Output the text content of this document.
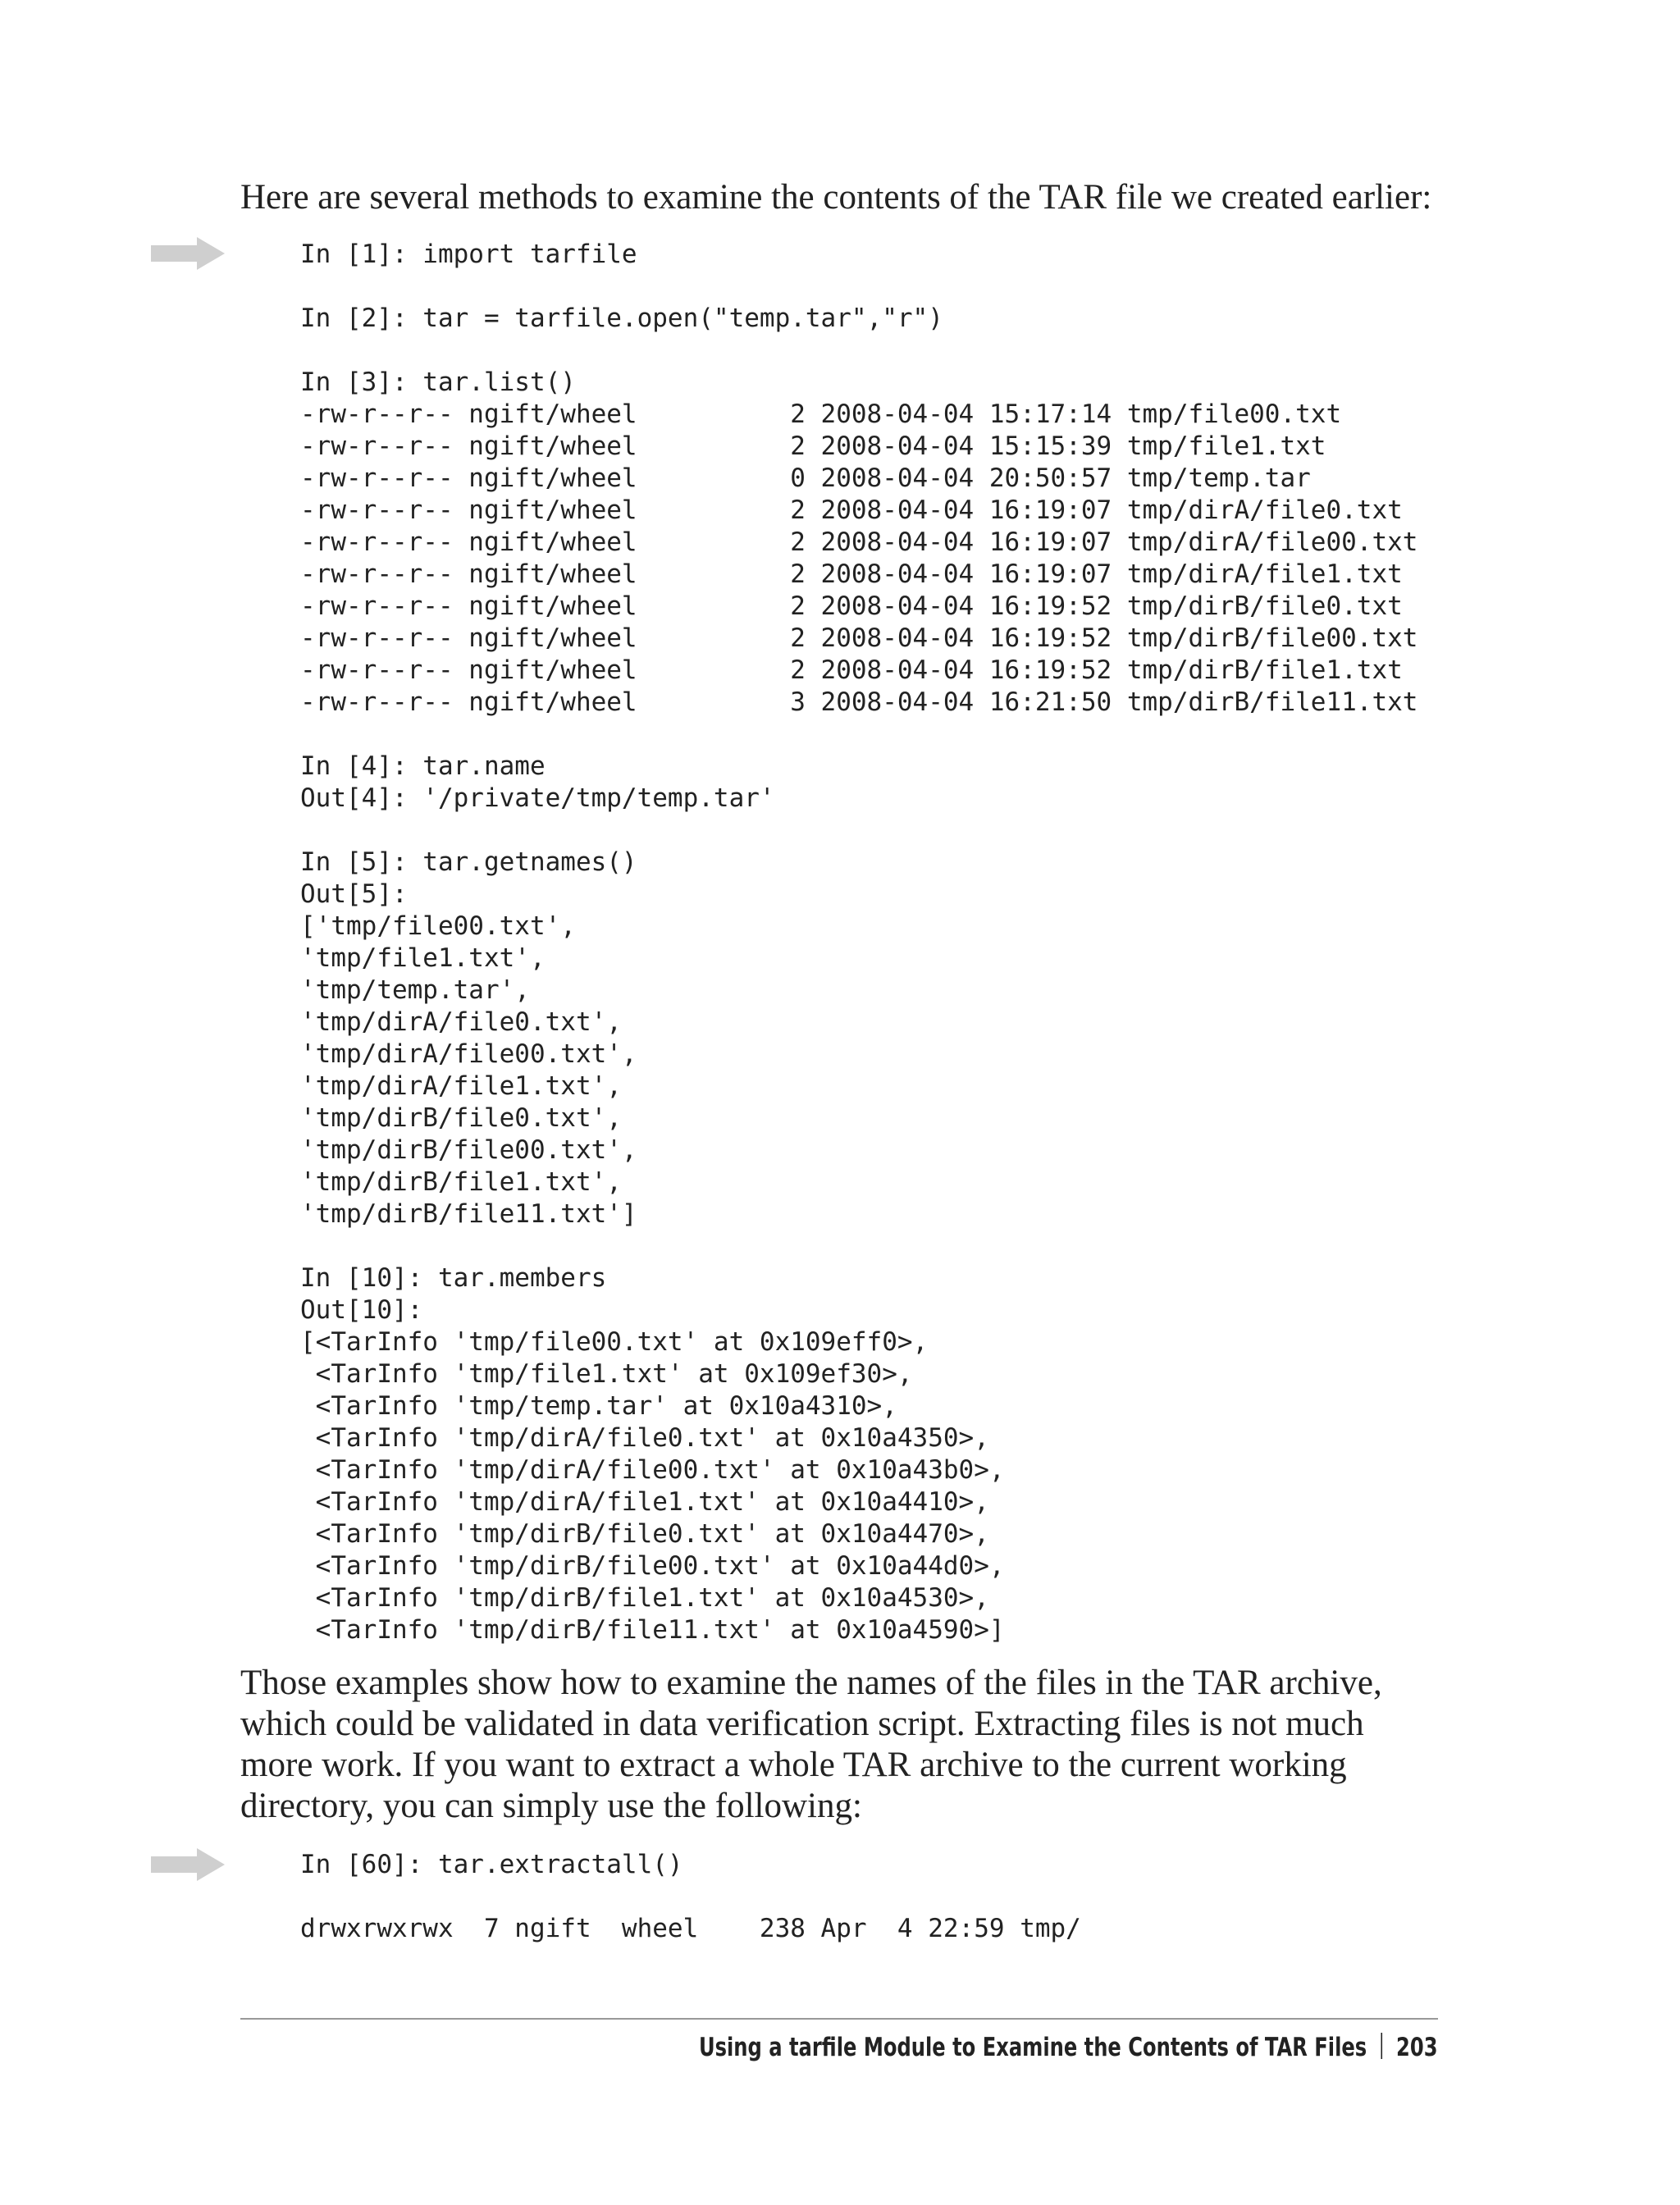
Here are several methods to examine the contents of the TAR file we created earlier:

In [1]: import tarfile

In [2]: tar = tarfile.open("temp.tar","r")

In [3]: tar.list()
-rw-r--r-- ngift/wheel          2 2008-04-04 15:17:14 tmp/file00.txt
-rw-r--r-- ngift/wheel          2 2008-04-04 15:15:39 tmp/file1.txt
-rw-r--r-- ngift/wheel          0 2008-04-04 20:50:57 tmp/temp.tar
-rw-r--r-- ngift/wheel          2 2008-04-04 16:19:07 tmp/dirA/file0.txt
-rw-r--r-- ngift/wheel          2 2008-04-04 16:19:07 tmp/dirA/file00.txt
-rw-r--r-- ngift/wheel          2 2008-04-04 16:19:07 tmp/dirA/file1.txt
-rw-r--r-- ngift/wheel          2 2008-04-04 16:19:52 tmp/dirB/file0.txt
-rw-r--r-- ngift/wheel          2 2008-04-04 16:19:52 tmp/dirB/file00.txt
-rw-r--r-- ngift/wheel          2 2008-04-04 16:19:52 tmp/dirB/file1.txt
-rw-r--r-- ngift/wheel          3 2008-04-04 16:21:50 tmp/dirB/file11.txt

In [4]: tar.name
Out[4]: '/private/tmp/temp.tar'

In [5]: tar.getnames()
Out[5]:
['tmp/file00.txt',
'tmp/file1.txt',
'tmp/temp.tar',
'tmp/dirA/file0.txt',
'tmp/dirA/file00.txt',
'tmp/dirA/file1.txt',
'tmp/dirB/file0.txt',
'tmp/dirB/file00.txt',
'tmp/dirB/file1.txt',
'tmp/dirB/file11.txt']

In [10]: tar.members
Out[10]:
[<TarInfo 'tmp/file00.txt' at 0x109eff0>,
<TarInfo 'tmp/file1.txt' at 0x109ef30>,
<TarInfo 'tmp/temp.tar' at 0x10a4310>,
<TarInfo 'tmp/dirA/file0.txt' at 0x10a4350>,
<TarInfo 'tmp/dirA/file00.txt' at 0x10a43b0>,
<TarInfo 'tmp/dirA/file1.txt' at 0x10a4410>,
<TarInfo 'tmp/dirB/file0.txt' at 0x10a4470>,
<TarInfo 'tmp/dirB/file00.txt' at 0x10a44d0>,
<TarInfo 'tmp/dirB/file1.txt' at 0x10a4530>,
<TarInfo 'tmp/dirB/file11.txt' at 0x10a4590>]

Those examples show how to examine the names of the files in the TAR archive, which could be validated in data verification script. Extracting files is not much more work. If you want to extract a whole TAR archive to the current working directory, you can simply use the following:

In [60]: tar.extractall()

drwxrwxrwx  7 ngift  wheel    238 Apr  4 22:59 tmp/
Using a tarfile Module to Examine the Contents of TAR Files 203
